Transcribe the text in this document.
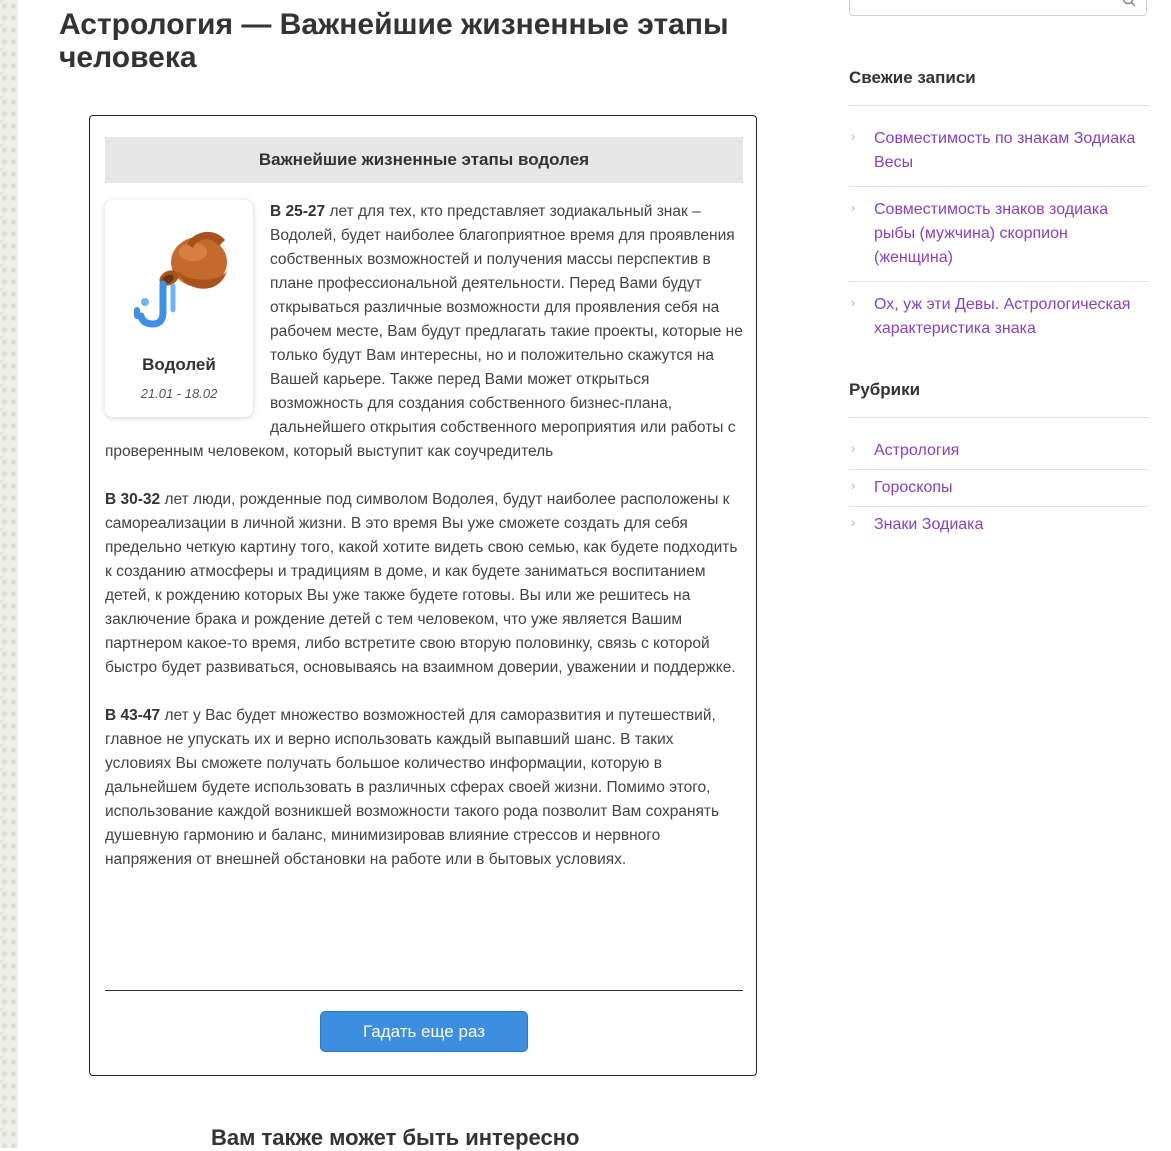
Астрология — Важнейшие жизненные этапы человека
Важнейшие жизненные этапы водолея
Водолей
21.01 - 18.02

В 25-27 лет для тех, кто представляет зодиакальный знак – Водолей, будет наиболее благоприятное время для проявления собственных возможностей и получения массы перспектив в плане профессиональной деятельности. Перед Вами будут открываться различные возможности для проявления себя на рабочем месте, Вам будут предлагать такие проекты, которые не только будут Вам интересны, но и положительно скажутся на Вашей карьере. Также перед Вами может открыться возможность для создания собственного бизнес-плана, дальнейшего открытия собственного мероприятия или работы с проверенным человеком, который выступит как соучредитель

В 30-32 лет люди, рожденные под символом Водолея, будут наиболее расположены к самореализации в личной жизни. В это время Вы уже сможете создать для себя предельно четкую картину того, какой хотите видеть свою семью, как будете подходить к созданию атмосферы и традициям в доме, и как будете заниматься воспитанием детей, к рождению которых Вы уже также будете готовы. Вы или же решитесь на заключение брака и рождение детей с тем человеком, что уже является Вашим партнером какое-то время, либо встретите свою вторую половинку, связь с которой быстро будет развиваться, основываясь на взаимном доверии, уважении и поддержке.

В 43-47 лет у Вас будет множество возможностей для саморазвития и путешествий, главное не упускать их и верно использовать каждый выпавший шанс. В таких условиях Вы сможете получать большое количество информации, которую в дальнейшем будете использовать в различных сферах своей жизни. Помимо этого, использование каждой возникшей возможности такого рода позволит Вам сохранять душевную гармонию и баланс, минимизировав влияние стрессов и нервного напряжения от внешней обстановки на работе или в бытовых условиях.

Гадать еще раз
Вам также может быть интересно
Свежие записи
› Совместимость по знакам Зодиака Весы
› Совместимость знаков зодиака рыбы (мужчина) скорпион (женщина)
› Ох, уж эти Девы. Астрологическая характеристика знака
Рубрики
› Астрология
› Гороскопы
› Знаки Зодиака
